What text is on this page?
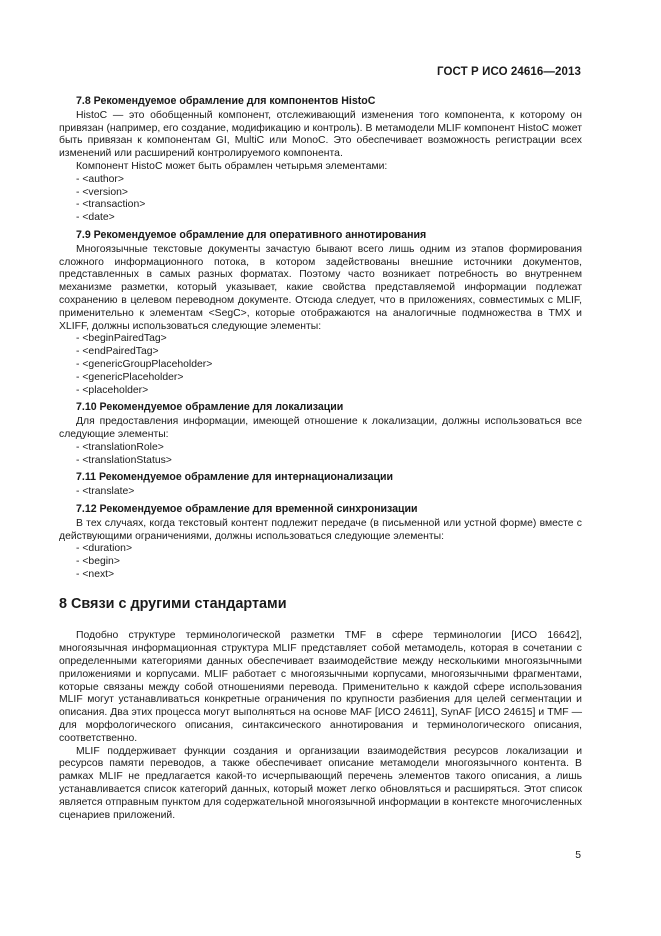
ГОСТ Р ИСО 24616—2013
7.8 Рекомендуемое обрамление для компонентов HistoC

HistoC — это обобщенный компонент, отслеживающий изменения того компонента, к которому он привязан (например, его создание, модификацию и контроль). В метамодели MLIF компонент HistoC может быть привязан к компонентам GI, MultiC или MonoC. Это обеспечивает возможность регистрации всех изменений или расширений контролируемого компонента.

Компонент HistoC может быть обрамлен четырьмя элементами:

- <author>
- <version>
- <transaction>
- <date>
7.9 Рекомендуемое обрамление для оперативного аннотирования

Многоязычные текстовые документы зачастую бывают всего лишь одним из этапов формирования сложного информационного потока, в котором задействованы внешние источники документов, представленных в самых разных форматах. Поэтому часто возникает потребность во внутреннем механизме разметки, который указывает, какие свойства представляемой информации подлежат сохранению в целевом переводном документе. Отсюда следует, что в приложениях, совместимых с MLIF, применительно к элементам <SegC>, которые отображаются на аналогичные подмножества в TMX и XLIFF, должны использоваться следующие элементы:

- <beginPairedTag>
- <endPairedTag>
- <genericGroupPlaceholder>
- <genericPlaceholder>
- <placeholder>
7.10 Рекомендуемое обрамление для локализации

Для предоставления информации, имеющей отношение к локализации, должны использоваться все следующие элементы:

- <translationRole>
- <translationStatus>
7.11 Рекомендуемое обрамление для интернационализации
- <translate>
7.12 Рекомендуемое обрамление для временной синхронизации

В тех случаях, когда текстовый контент подлежит передаче (в письменной или устной форме) вместе с действующими ограничениями, должны использоваться следующие элементы:

- <duration>
- <begin>
- <next>
8 Связи с другими стандартами

Подобно структуре терминологической разметки TMF в сфере терминологии [ИСО 16642], многоязычная информационная структура MLIF представляет собой метамодель, которая в сочетании с определенными категориями данных обеспечивает взаимодействие между несколькими многоязычными приложениями и корпусами. MLIF работает с многоязычными корпусами, многоязычными фрагментами, которые связаны между собой отношениями перевода. Применительно к каждой сфере использования MLIF могут устанавливаться конкретные ограничения по крупности разбиения для целей сегментации и описания. Два этих процесса могут выполняться на основе MAF [ИСО 24611], SynAF [ИСО 24615] и TMF — для морфологического описания, синтаксического аннотирования и терминологического описания, соответственно.

MLIF поддерживает функции создания и организации взаимодействия ресурсов локализации и ресурсов памяти переводов, а также обеспечивает описание метамодели многоязычного контента. В рамках MLIF не предлагается какой-то исчерпывающий перечень элементов такого описания, а лишь устанавливается список категорий данных, который может легко обновляться и расширяться. Этот список является отправным пунктом для содержательной многоязычной информации в контексте многочисленных сценариев приложений.

5
